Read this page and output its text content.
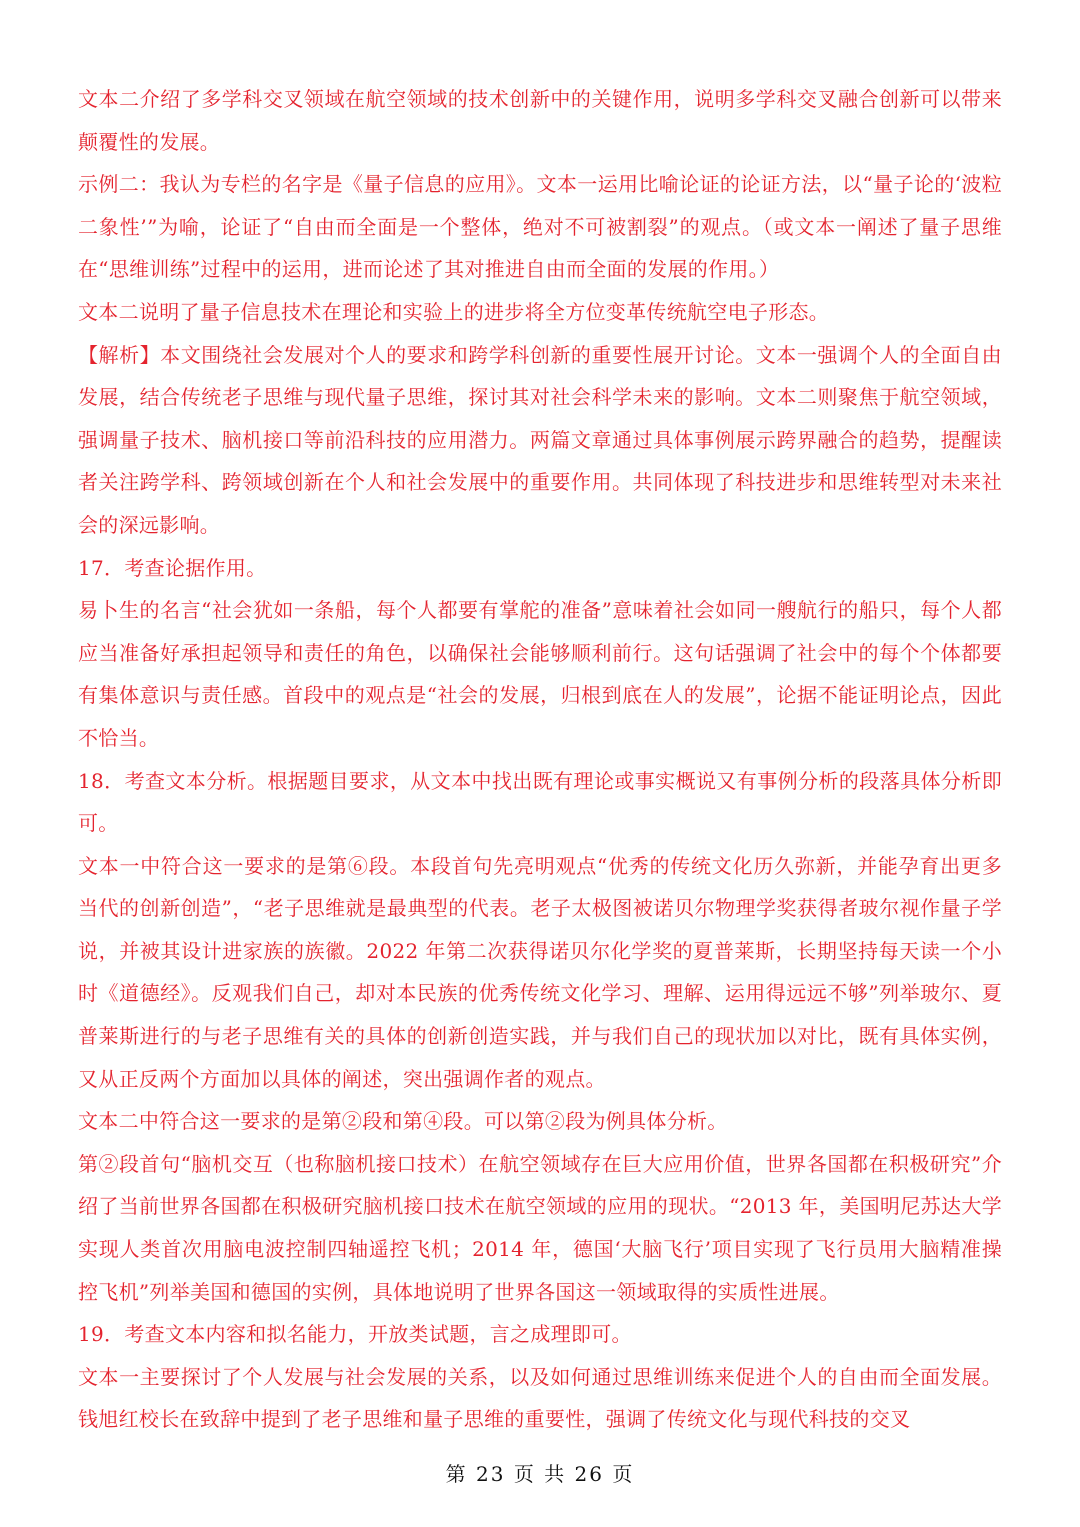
文本二介绍了多学科交叉领域在航空领域的技术创新中的关键作用，说明多学科交叉融合创新可以带来颠覆性的发展。

示例二：我认为专栏的名字是《量子信息的应用》。文本一运用比喻论证的论证方法，以“量子论的‘波粒二象性’”为喻，论证了“自由而全面是一个整体，绝对不可被割裂”的观点。（或文本一阐述了量子思维在“思维训练”过程中的运用，进而论述了其对推进自由而全面的发展的作用。）

文本二说明了量子信息技术在理论和实验上的进步将全方位变革传统航空电子形态。

【解析】本文围绕社会发展对个人的要求和跨学科创新的重要性展开讨论。文本一强调个人的全面自由发展，结合传统老子思维与现代量子思维，探讨其对社会科学未来的影响。文本二则聚焦于航空领域，强调量子技术、脑机接口等前沿科技的应用潜力。两篇文章通过具体事例展示跨界融合的趋势，提醒读者关注跨学科、跨领域创新在个人和社会发展中的重要作用。共同体现了科技进步和思维转型对未来社会的深远影响。

17．考查论据作用。

易卜生的名言“社会犹如一条船，每个人都要有掌舵的准备”意味着社会如同一艘航行的船只，每个人都应当准备好承担起领导和责任的角色，以确保社会能够顺利前行。这句话强调了社会中的每个个体都要有集体意识与责任感。首段中的观点是“社会的发展，归根到底在人的发展”，论据不能证明论点，因此不恰当。

18．考查文本分析。根据题目要求，从文本中找出既有理论或事实概说又有事例分析的段落具体分析即可。

文本一中符合这一要求的是第⑥段。本段首句先亮明观点“优秀的传统文化历久弥新，并能孕育出更多当代的创新创造”，“老子思维就是最典型的代表。老子太极图被诺贝尔物理学奖获得者玻尔视作量子学说，并被其设计进家族的族徽。2022 年第二次获得诺贝尔化学奖的夏普莱斯，长期坚持每天读一个小时《道德经》。反观我们自己，却对本民族的优秀传统文化学习、理解、运用得远远不够”列举玻尔、夏普莱斯进行的与老子思维有关的具体的创新创造实践，并与我们自己的现状加以对比，既有具体实例，又从正反两个方面加以具体的阐述，突出强调作者的观点。

文本二中符合这一要求的是第②段和第④段。可以第②段为例具体分析。

第②段首句“脑机交互（也称脑机接口技术）在航空领域存在巨大应用价值，世界各国都在积极研究”介绍了当前世界各国都在积极研究脑机接口技术在航空领域的应用的现状。“2013 年，美国明尼苏达大学实现人类首次用脑电波控制四轴遥控飞机；2014 年，德国‘大脑飞行’项目实现了飞行员用大脑精准操控飞机”列举美国和德国的实例，具体地说明了世界各国这一领域取得的实质性进展。

19．考查文本内容和拟名能力，开放类试题，言之成理即可。

文本一主要探讨了个人发展与社会发展的关系，以及如何通过思维训练来促进个人的自由而全面发展。钱旭红校长在致辞中提到了老子思维和量子思维的重要性，强调了传统文化与现代科技的交叉

第 23 页 共 26 页
